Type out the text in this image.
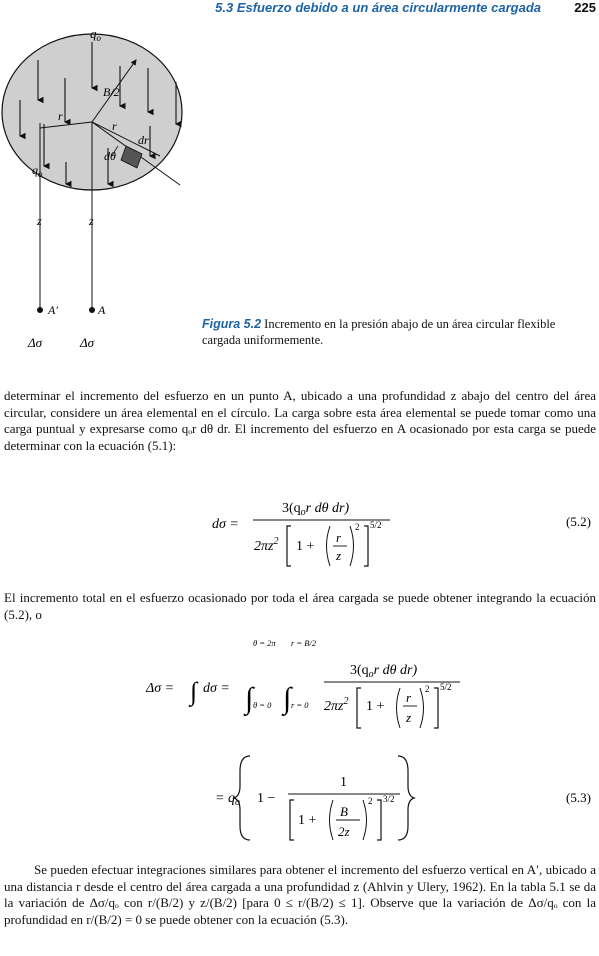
5.3 Esfuerzo debido a un área circularmente cargada	225
$q_o$
B/2
r
r
dr
dθ
$q_o$
z	z
A′	A
Δσ	Δσ
Figura 5.2 Incremento en la presión abajo de un área circular flexible cargada uniformemente.

determinar el incremento del esfuerzo en un punto A, ubicado a una profundidad z abajo del centro del área circular, considere un área elemental en el círculo. La carga sobre esta área elemental se puede tomar como una carga puntual y expresarse como qₒr dθ dr. El incremento del esfuerzo en A ocasionado por esta carga se puede determinar con la ecuación (5.1):

dσ =
$3(q_or$ dθ dr)
$2\pi z^2$ 1 +
r
z
2 5/2	(5.2)

El incremento total en el esfuerzo ocasionado por toda el área cargada se puede obtener integrando la ecuación (5.2), o

Δσ = ∫ dσ = ∫
θ = 2π
θ = 0 ∫
r = B/2
r = 0
$3(q_or$ dθ dr)
$2\pi z^2$ 1 +
r
z
2 5/2
= $q_o$ 1 −
1
1 +
B
2z
2 3/2	(5.3)

Se pueden efectuar integraciones similares para obtener el incremento del esfuerzo vertical en A′, ubicado a una distancia r desde el centro del área cargada a una profundidad z (Ahlvin y Ulery, 1962). En la tabla 5.1 se da la variación de Δσ/qₒ con r/(B/2) y z/(B/2) [para 0 ≤ r/(B/2) ≤ 1]. Observe que la variación de Δσ/qₒ con la profundidad en r/(B/2) = 0 se puede obtener con la ecuación (5.3).
